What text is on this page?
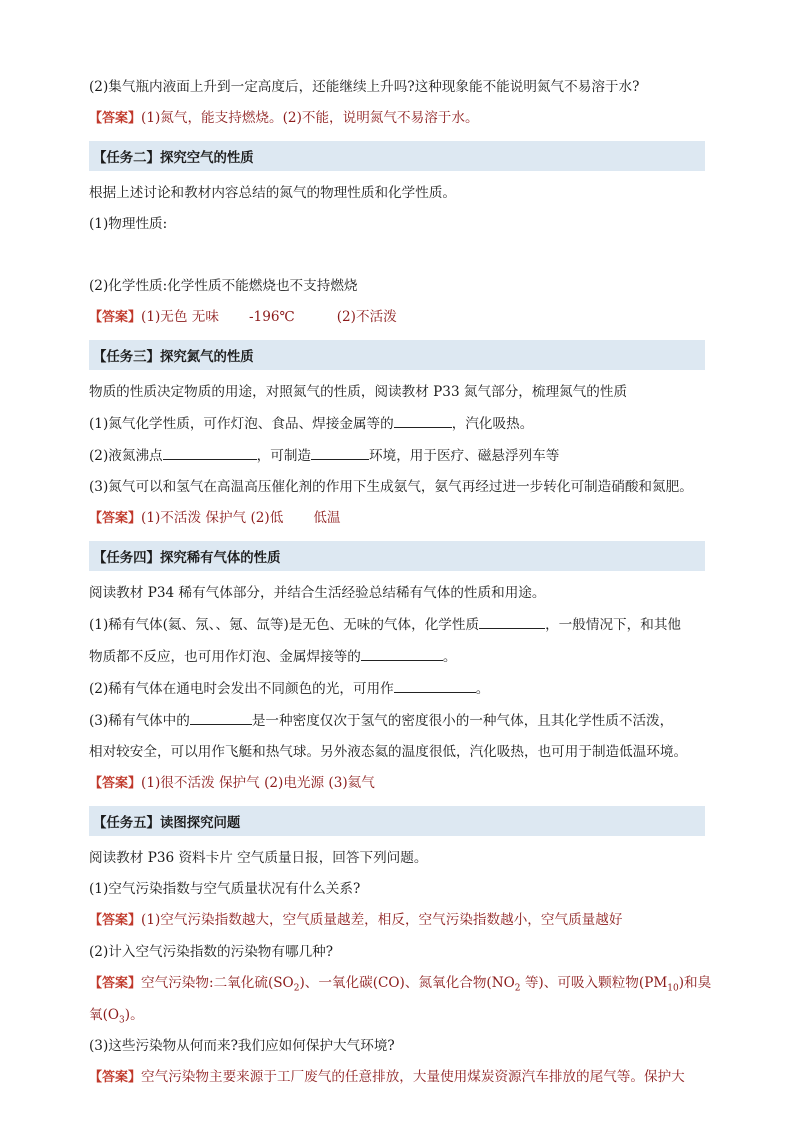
(2)集气瓶内液面上升到一定高度后，还能继续上升吗?这种现象能不能说明氮气不易溶于水?
【答案】(1)氮气，能支持燃烧。(2)不能，说明氮气不易溶于水。
【任务二】探究空气的性质
根据上述讨论和教材内容总结的氮气的物理性质和化学性质。
(1)物理性质:
(2)化学性质:化学性质不能燃烧也不支持燃烧
【答案】(1)无色 无味 -196℃	(2)不活泼
【任务三】探究氮气的性质
物质的性质决定物质的用途，对照氮气的性质，阅读教材 P33 氮气部分，梳理氮气的性质
(1)氮气化学性质，可作灯泡、食品、焊接金属等的	，汽化吸热。
(2)液氮沸点	，可制造	环境，用于医疗、磁悬浮列车等
(3)氮气可以和氢气在高温高压催化剂的作用下生成氨气，氨气再经过进一步转化可制造硝酸和氮肥。
【答案】(1)不活泼 保护气 (2)低 低温
【任务四】探究稀有气体的性质
阅读教材 P34 稀有气体部分，并结合生活经验总结稀有气体的性质和用途。
(1)稀有气体(氦、氖、、氪、氙等)是无色、无味的气体，化学性质	，一般情况下，和其他
物质都不反应，也可用作灯泡、金属焊接等的	。
(2)稀有气体在通电时会发出不同颜色的光，可用作	。
(3)稀有气体中的	是一种密度仅次于氢气的密度很小的一种气体，且其化学性质不活泼，
相对较安全，可以用作飞艇和热气球。另外液态氦的温度很低，汽化吸热，也可用于制造低温环境。
【答案】(1)很不活泼 保护气 (2)电光源 (3)氦气
【任务五】读图探究问题
阅读教材 P36 资料卡片 空气质量日报，回答下列问题。
(1)空气污染指数与空气质量状况有什么关系?
【答案】(1)空气污染指数越大，空气质量越差，相反，空气污染指数越小，空气质量越好
(2)计入空气污染指数的污染物有哪几种?
【答案】空气污染物:二氧化硫$(SO_2)$、一氧化碳(CO)、氮氧化合物($NO_2$ 等)、可吸入颗粒物$(PM_{10})$和臭
氧$(O_3)$。
(3)这些污染物从何而来?我们应如何保护大气环境?
【答案】空气污染物主要来源于工厂废气的任意排放，大量使用煤炭资源汽车排放的尾气等。保护大
